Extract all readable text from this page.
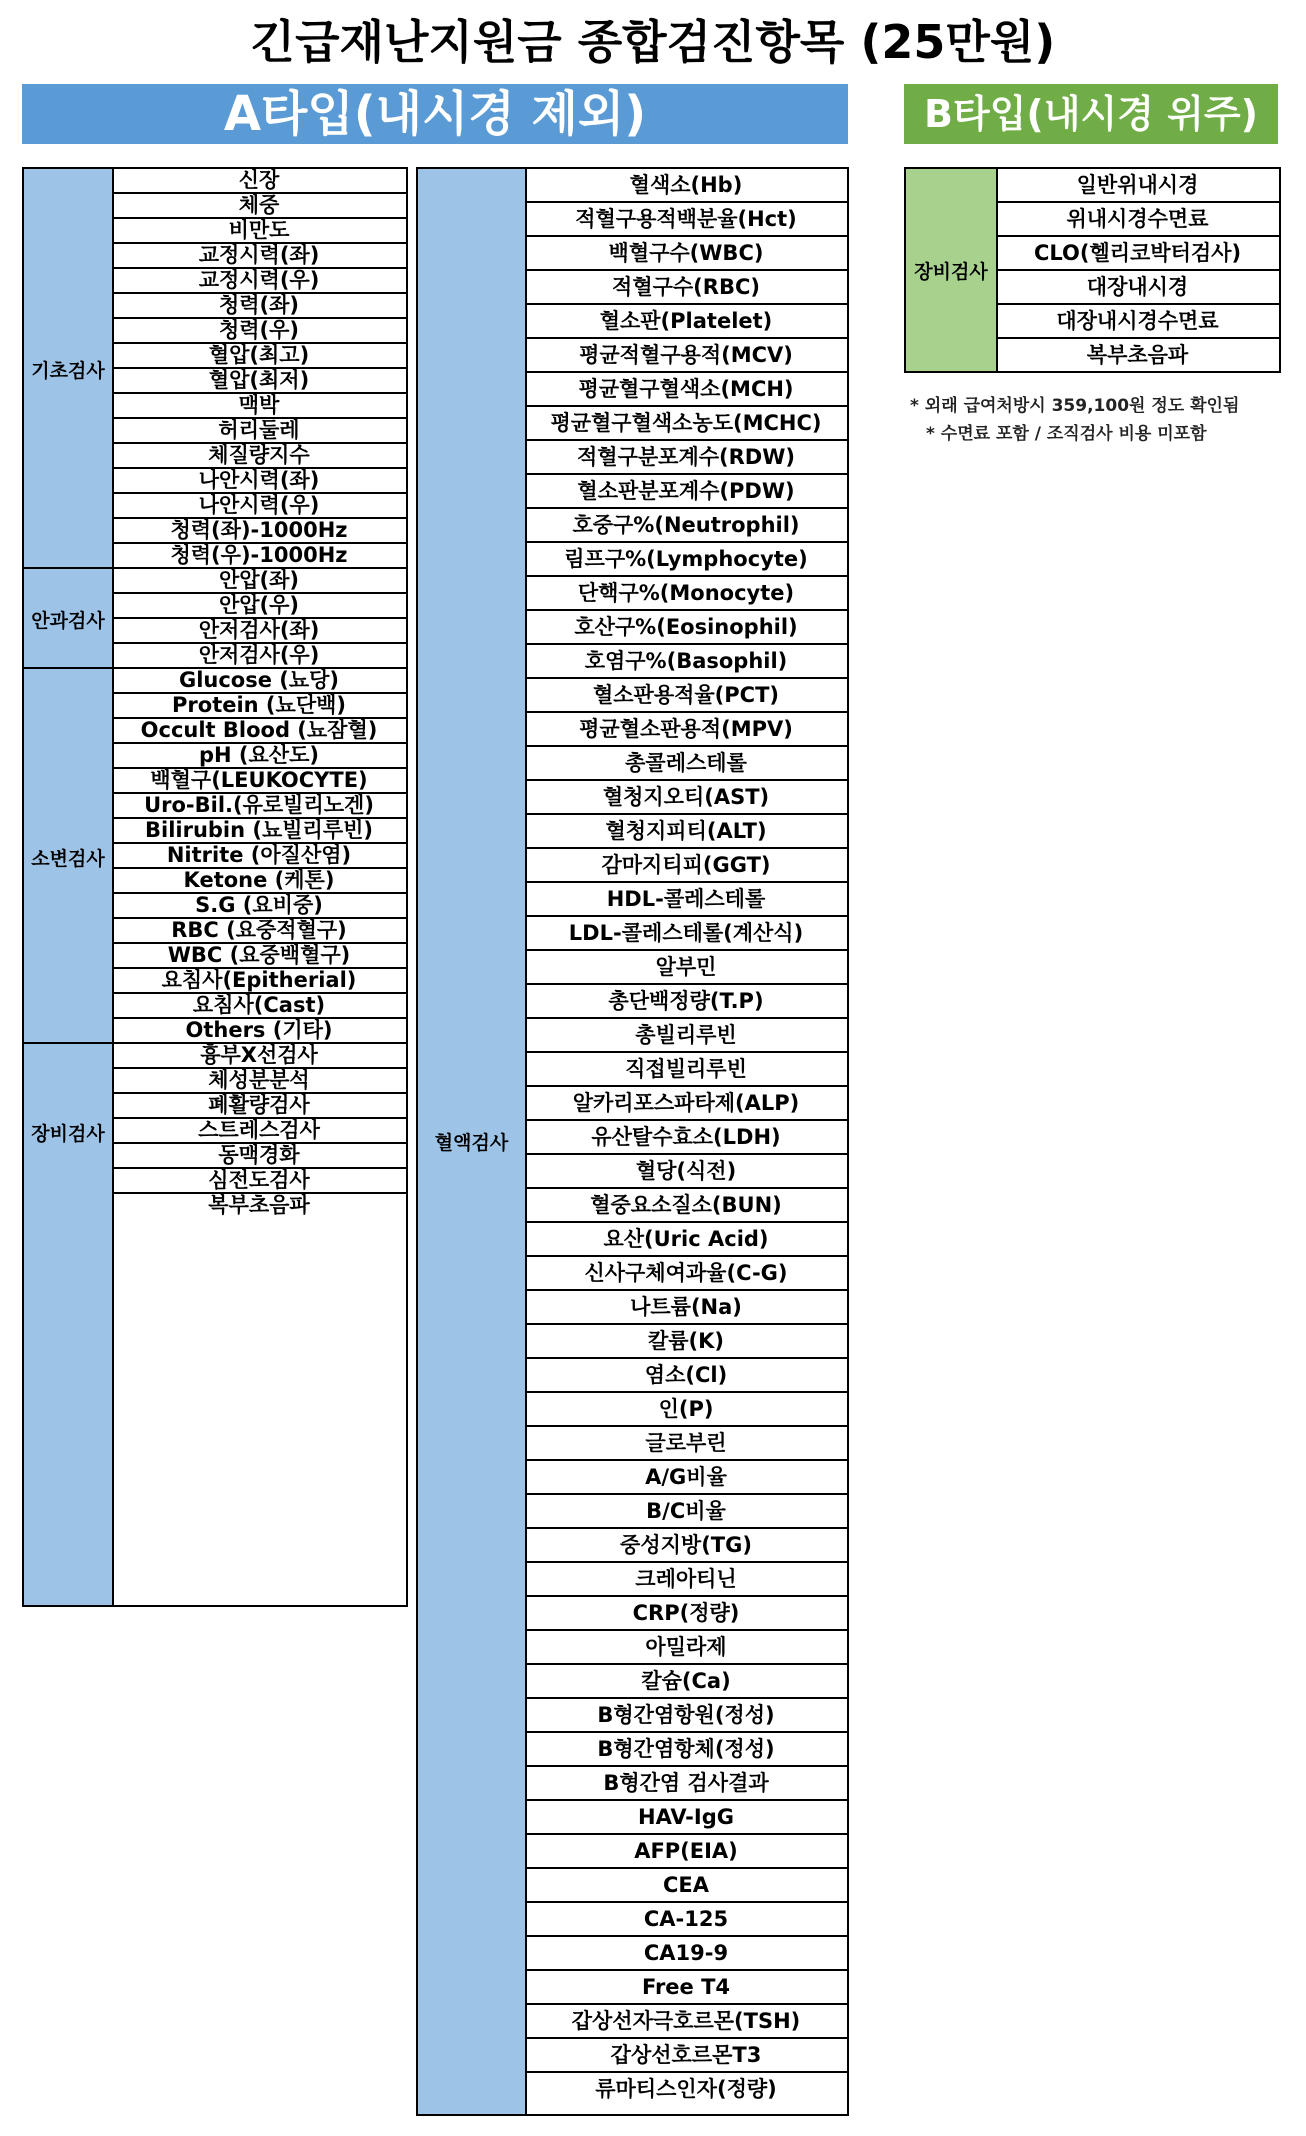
긴급재난지원금 종합검진항목 (25만원)
A타입(내시경 제외)	B타입(내시경 위주)
기초검사
안과검사
소변검사
장비검사
신장
체중
비만도
교정시력(좌)
교정시력(우)
청력(좌)
청력(우)
혈압(최고)
혈압(최저)
맥박
허리둘레
체질량지수
나안시력(좌)
나안시력(우)
청력(좌)-1000Hz
청력(우)-1000Hz
안압(좌)
안압(우)
안저검사(좌)
안저검사(우)
Glucose (뇨당)
Protein (뇨단백)
Occult Blood (뇨잠혈)
pH (요산도)
백혈구(LEUKOCYTE)
Uro-Bil.(유로빌리노겐)
Bilirubin (뇨빌리루빈)
Nitrite (아질산염)
Ketone (케톤)
S.G (요비중)
RBC (요중적혈구)
WBC (요중백혈구)
요침사(Epitherial)
요침사(Cast)
Others (기타)
흉부X선검사
체성분분석
폐활량검사
스트레스검사
동맥경화
심전도검사
복부초음파
혈액검사
혈색소(Hb)
적혈구용적백분율(Hct)
백혈구수(WBC)
적혈구수(RBC)
혈소판(Platelet)
평균적혈구용적(MCV)
평균혈구혈색소(MCH)
평균혈구혈색소농도(MCHC)
적혈구분포계수(RDW)
혈소판분포계수(PDW)
호중구%(Neutrophil)
림프구%(Lymphocyte)
단핵구%(Monocyte)
호산구%(Eosinophil)
호염구%(Basophil)
혈소판용적율(PCT)
평균혈소판용적(MPV)
총콜레스테롤
혈청지오티(AST)
혈청지피티(ALT)
감마지티피(GGT)
HDL-콜레스테롤
LDL-콜레스테롤(계산식)
알부민
총단백정량(T.P)
총빌리루빈
직접빌리루빈
알카리포스파타제(ALP)
유산탈수효소(LDH)
혈당(식전)
혈중요소질소(BUN)
요산(Uric Acid)
신사구체여과율(C-G)
나트륨(Na)
칼륨(K)
염소(Cl)
인(P)
글로부린
A/G비율
B/C비율
중성지방(TG)
크레아티닌
CRP(정량)
아밀라제
칼슘(Ca)
B형간염항원(정성)
B형간염항체(정성)
B형간염 검사결과
HAV-IgG
AFP(EIA)
CEA
CA-125
CA19-9
Free T4
갑상선자극호르몬(TSH)
갑상선호르몬T3
류마티스인자(정량)
장비검사
일반위내시경
위내시경수면료
CLO(헬리코박터검사)
대장내시경
대장내시경수면료
복부초음파
* 외래 급여처방시 359,100원 정도 확인됨
* 수면료 포함 / 조직검사 비용 미포함
